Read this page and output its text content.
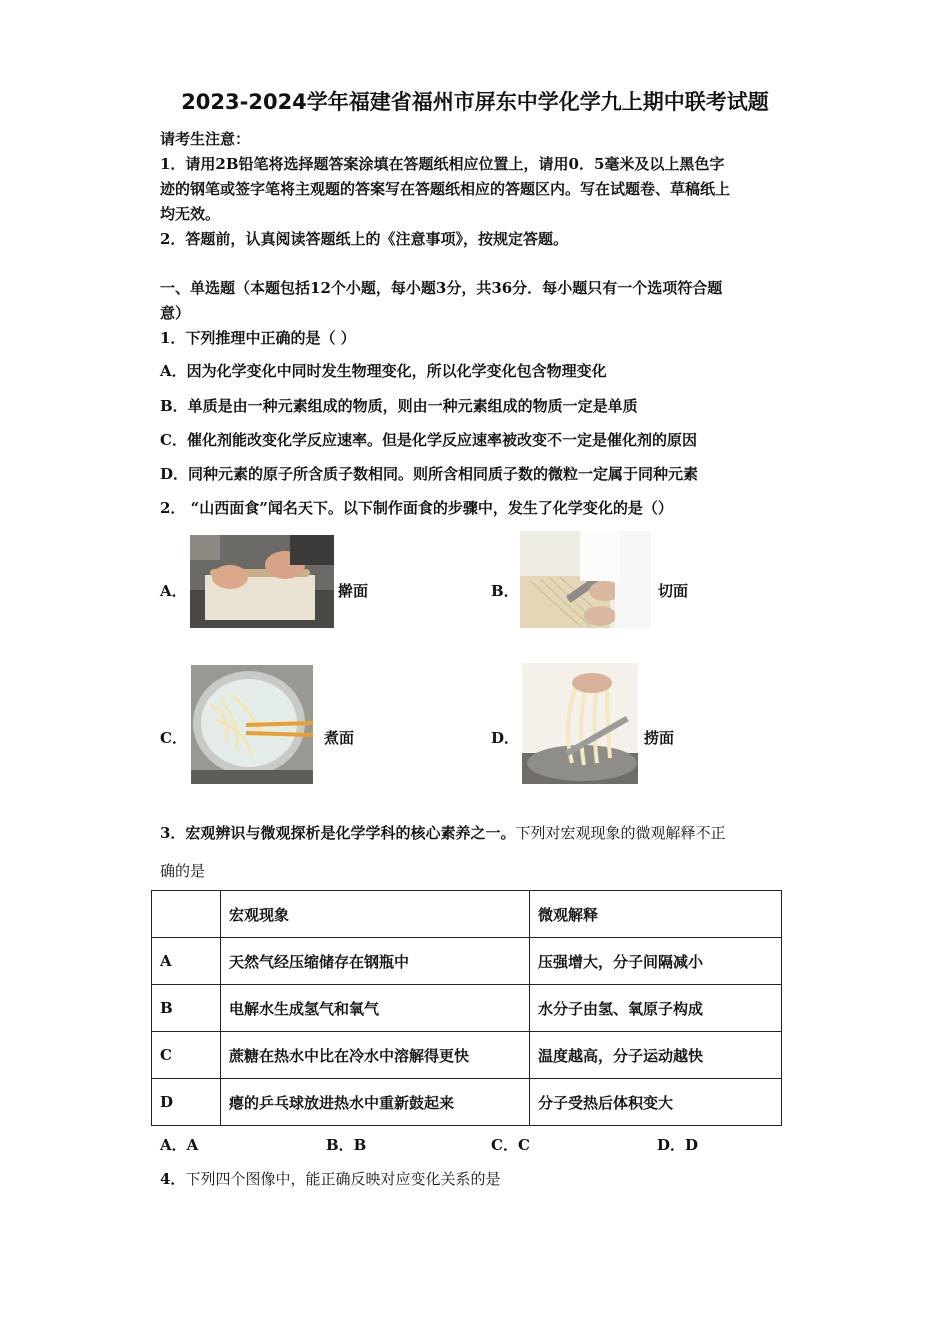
2023-2024学年福建省福州市屏东中学化学九上期中联考试题
请考生注意：
1．请用2B铅笔将选择题答案涂填在答题纸相应位置上，请用0．5毫米及以上黑色字
迹的钢笔或签字笔将主观题的答案写在答题纸相应的答题区内。写在试题卷、草稿纸上
均无效。
2．答题前，认真阅读答题纸上的《注意事项》，按规定答题。
一、单选题（本题包括12个小题，每小题3分，共36分．每小题只有一个选项符合题
意）
1．下列推理中正确的是（ ）
A．因为化学变化中同时发生物理变化，所以化学变化包含物理变化
B．单质是由一种元素组成的物质，则由一种元素组成的物质一定是单质
C．催化剂能改变化学反应速率。但是化学反应速率被改变不一定是催化剂的原因
D．同种元素的原子所含质子数相同。则所含相同质子数的微粒一定属于同种元素
2． “山西面食”闻名天下。以下制作面食的步骤中，发生了化学变化的是（）
A．	擀面	B．	切面
C．	煮面	D．	捞面
3．宏观辨识与微观探析是化学学科的核心素养之一。下列对宏观现象的微观解释不正
确的是
	宏观现象	微观解释
A	天然气经压缩储存在钢瓶中	压强增大，分子间隔减小
B	电解水生成氢气和氧气	水分子由氢、氧原子构成
C	蔗糖在热水中比在冷水中溶解得更快	温度越高，分子运动越快
D	瘪的乒乓球放进热水中重新鼓起来	分子受热后体积变大
A．A	B．B	C．C	D．D
4．下列四个图像中，能正确反映对应变化关系的是
